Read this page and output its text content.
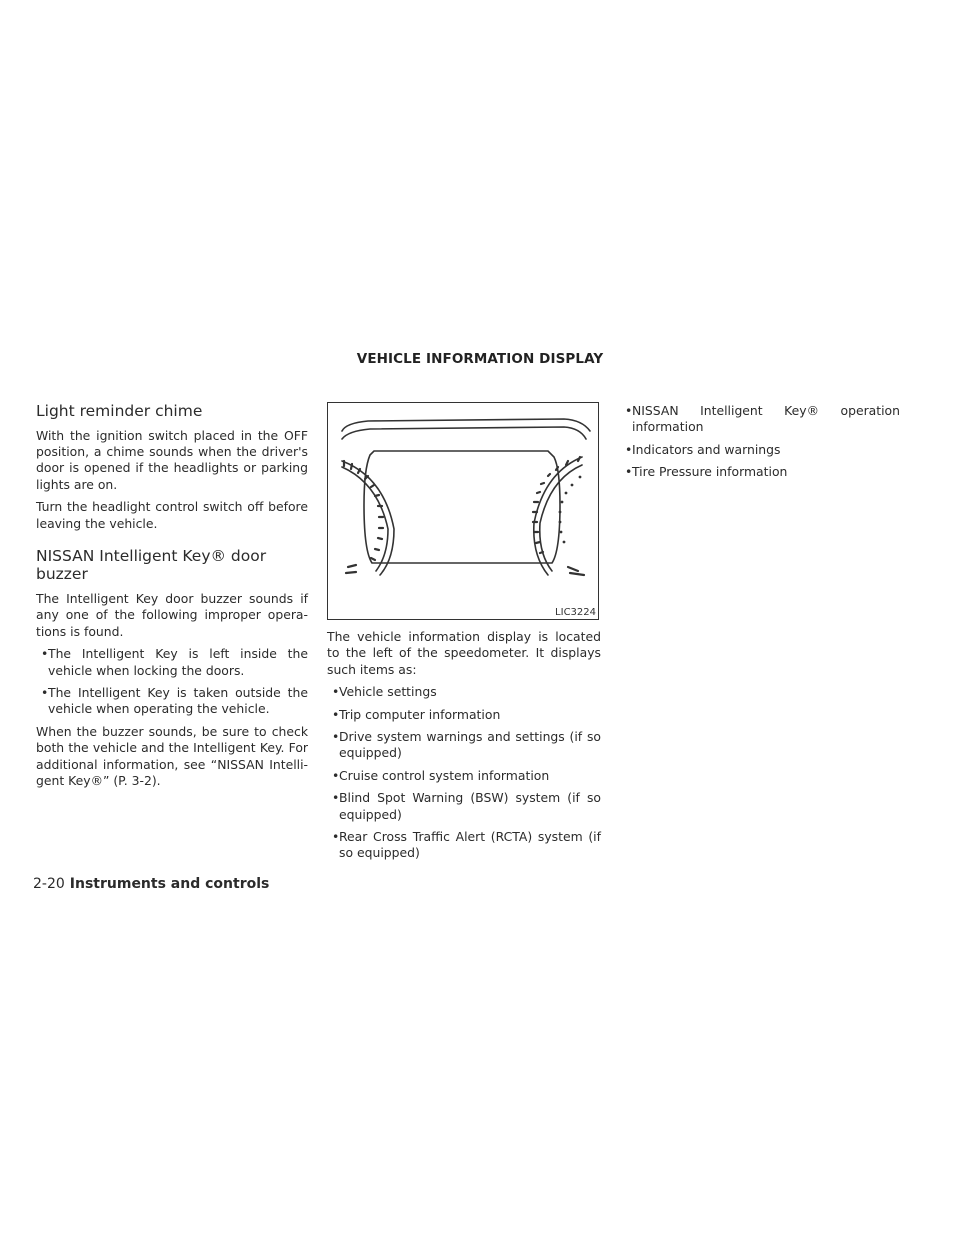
VEHICLE INFORMATION DISPLAY
Light reminder chime

With the ignition switch placed in the OFF position, a chime sounds when the driver's door is opened if the headlights or parking lights are on.

Turn the headlight control switch off before leaving the vehicle.

NISSAN Intelligent Key® door buzzer

The Intelligent Key door buzzer sounds if any one of the following improper opera-tions is found.

•The Intelligent Key is left inside the vehicle when locking the doors.
•The Intelligent Key is taken outside the vehicle when operating the vehicle.

When the buzzer sounds, be sure to check both the vehicle and the Intelligent Key. For additional information, see “NISSAN Intelli-gent Key®” (P. 3-2).

LIC3224

The vehicle information display is located to the left of the speedometer. It displays such items as:

•Vehicle settings
•Trip computer information
•Drive system warnings and settings (if so equipped)
•Cruise control system information
•Blind Spot Warning (BSW) system (if so equipped)
•Rear Cross Traffic Alert (RCTA) system (if so equipped)
•NISSAN Intelligent Key® operation information
•Indicators and warnings
•Tire Pressure information
2-20 Instruments and controls
